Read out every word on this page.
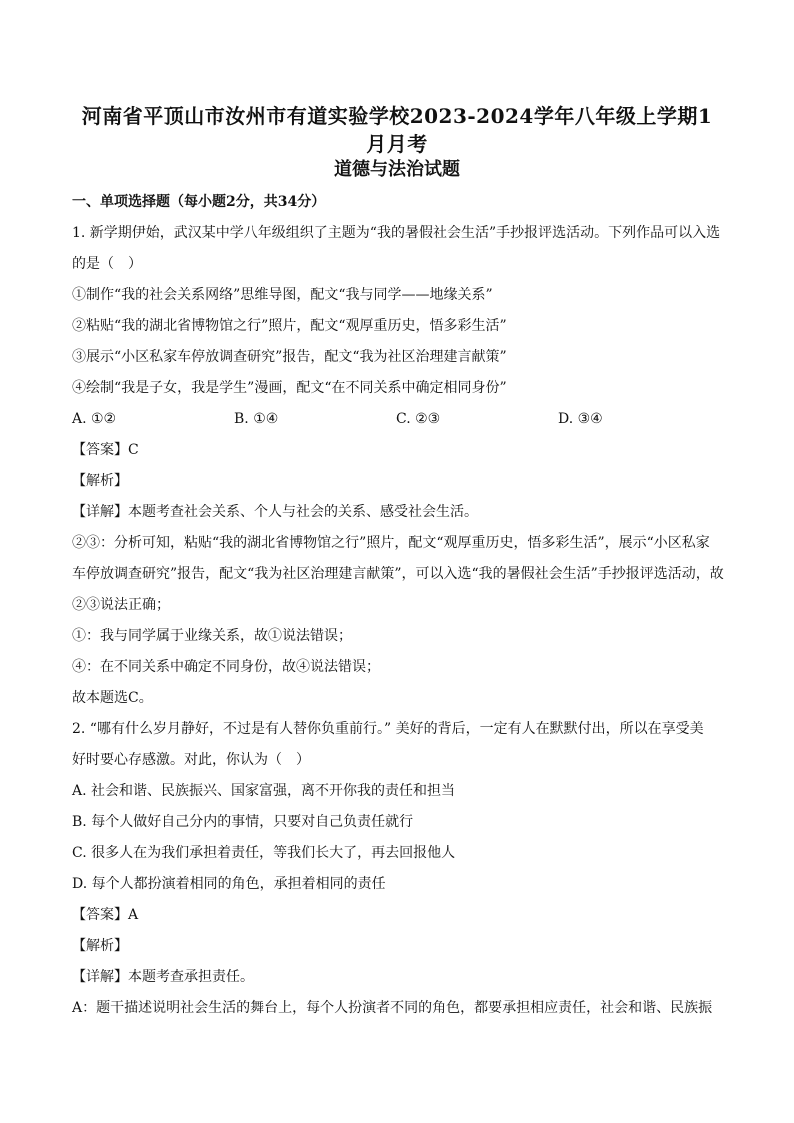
河南省平顶山市汝州市有道实验学校2023-2024学年八年级上学期1
月月考
道德与法治试题
一、单项选择题（每小题2分，共34分）
1. 新学期伊始，武汉某中学八年级组织了主题为“我的暑假社会生活”手抄报评选活动。下列作品可以入选
的是（　）
①制作“我的社会关系网络”思维导图，配文“我与同学——地缘关系”
②粘贴“我的湖北省博物馆之行”照片，配文“观厚重历史，悟多彩生活”
③展示“小区私家车停放调查研究”报告，配文“我为社区治理建言献策”
④绘制“我是子女，我是学生”漫画，配文“在不同关系中确定相同身份”
A. ①②	B. ①④	C. ②③	D. ③④
【答案】C
【解析】
【详解】本题考查社会关系、个人与社会的关系、感受社会生活。
②③：分析可知，粘贴“我的湖北省博物馆之行”照片，配文“观厚重历史，悟多彩生活”，展示“小区私家
车停放调查研究”报告，配文“我为社区治理建言献策”，可以入选“我的暑假社会生活”手抄报评选活动，故
②③说法正确；
①：我与同学属于业缘关系，故①说法错误；
④：在不同关系中确定不同身份，故④说法错误；
故本题选C。
2. “哪有什么岁月静好，不过是有人替你负重前行。” 美好的背后，一定有人在默默付出，所以在享受美
好时要心存感激。对此，你认为（　）
A. 社会和谐、民族振兴、国家富强，离不开你我的责任和担当
B. 每个人做好自己分内的事情，只要对自己负责任就行
C. 很多人在为我们承担着责任，等我们长大了，再去回报他人
D. 每个人都扮演着相同的角色，承担着相同的责任
【答案】A
【解析】
【详解】本题考查承担责任。
A：题干描述说明社会生活的舞台上，每个人扮演者不同的角色，都要承担相应责任，社会和谐、民族振
